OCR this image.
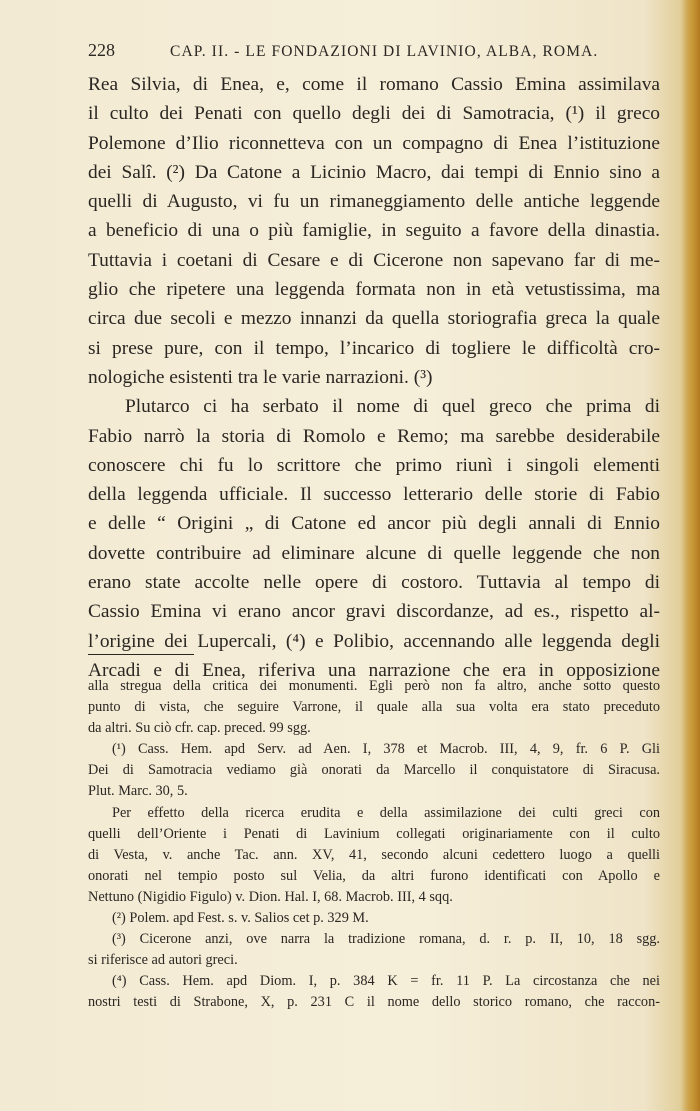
228	CAP. II. - LE FONDAZIONI DI LAVINIO, ALBA, ROMA.
Rea Silvia, di Enea, e, come il romano Cassio Emina assimilava
il culto dei Penati con quello degli dei di Samotracia, (¹) il greco
Polemone d’Ilio riconnetteva con un compagno di Enea l’istituzione
dei Salî. (²) Da Catone a Licinio Macro, dai tempi di Ennio sino a
quelli di Augusto, vi fu un rimaneggiamento delle antiche leggende
a beneficio di una o più famiglie, in seguito a favore della dinastia.
Tuttavia i coetani di Cesare e di Cicerone non sapevano far di me-
glio che ripetere una leggenda formata non in età vetustissima, ma
circa due secoli e mezzo innanzi da quella storiografia greca la quale
si prese pure, con il tempo, l’incarico di togliere le difficoltà cro-
nologiche esistenti tra le varie narrazioni. (³)
Plutarco ci ha serbato il nome di quel greco che prima di
Fabio narrò la storia di Romolo e Remo; ma sarebbe desiderabile
conoscere chi fu lo scrittore che primo riunì i singoli elementi
della leggenda ufficiale. Il successo letterario delle storie di Fabio
e delle “ Origini „ di Catone ed ancor più degli annali di Ennio
dovette contribuire ad eliminare alcune di quelle leggende che non
erano state accolte nelle opere di costoro. Tuttavia al tempo di
Cassio Emina vi erano ancor gravi discordanze, ad es., rispetto al-
l’origine dei Lupercali, (⁴) e Polibio, accennando alle leggenda degli
Arcadi e di Enea, riferiva una narrazione che era in opposizione
alla stregua della critica dei monumenti. Egli però non fa altro, anche sotto questo
punto di vista, che seguire Varrone, il quale alla sua volta era stato preceduto
da altri. Su ciò cfr. cap. preced. 99 sgg.
(¹) Cass. Hem. apd Serv. ad Aen. I, 378 et Macrob. III, 4, 9, fr. 6 P. Gli
Dei di Samotracia vediamo già onorati da Marcello il conquistatore di Siracusa.
Plut. Marc. 30, 5.
Per effetto della ricerca erudita e della assimilazione dei culti greci con
quelli dell’Oriente i Penati di Lavinium collegati originariamente con il culto
di Vesta, v. anche Tac. ann. XV, 41, secondo alcuni cedettero luogo a quelli
onorati nel tempio posto sul Velia, da altri furono identificati con Apollo e
Nettuno (Nigidio Figulo) v. Dion. Hal. I, 68. Macrob. III, 4 sqq.
(²) Polem. apd Fest. s. v. Salios cet p. 329 M.
(³) Cicerone anzi, ove narra la tradizione romana, d. r. p. II, 10, 18 sgg.
si riferisce ad autori greci.
(⁴) Cass. Hem. apd Diom. I, p. 384 K = fr. 11 P. La circostanza che nei
nostri testi di Strabone, X, p. 231 C il nome dello storico romano, che raccon-
